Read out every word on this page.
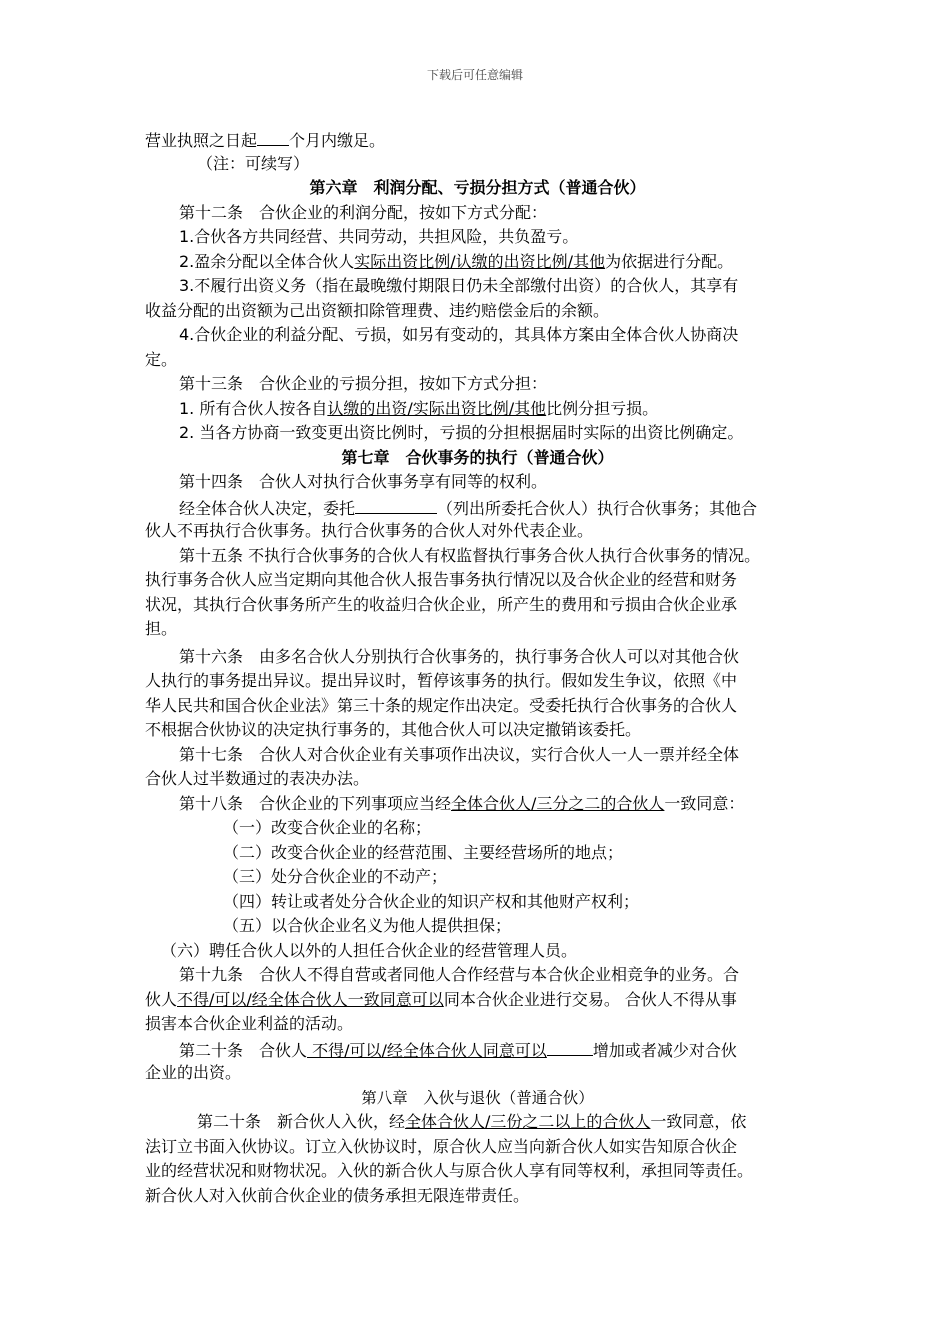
下载后可任意编辑
营业执照之日起 个月内缴足。
（注：可续写）
第六章　利润分配、亏损分担方式（普通合伙）
第十二条　合伙企业的利润分配，按如下方式分配：
1.合伙各方共同经营、共同劳动，共担风险，共负盈亏。
2.盈余分配以全体合伙人实际出资比例/认缴的出资比例/其他为依据进行分配。
3.不履行出资义务（指在最晚缴付期限日仍未全部缴付出资）的合伙人，其享有
收益分配的出资额为己出资额扣除管理费、违约赔偿金后的余额。
4.合伙企业的利益分配、亏损，如另有变动的，其具体方案由全体合伙人协商决
定。
第十三条　合伙企业的亏损分担，按如下方式分担：
1. 所有合伙人按各自认缴的出资/实际出资比例/其他比例分担亏损。
2. 当各方协商一致变更出资比例时，亏损的分担根据届时实际的出资比例确定。
第七章　合伙事务的执行（普通合伙）
第十四条　合伙人对执行合伙事务享有同等的权利。
经全体合伙人决定，委托	（列出所委托合伙人）执行合伙事务；其他合
伙人不再执行合伙事务。执行合伙事务的合伙人对外代表企业。
第十五条 不执行合伙事务的合伙人有权监督执行事务合伙人执行合伙事务的情况。
执行事务合伙人应当定期向其他合伙人报告事务执行情况以及合伙企业的经营和财务
状况，其执行合伙事务所产生的收益归合伙企业，所产生的费用和亏损由合伙企业承
担。
第十六条　由多名合伙人分别执行合伙事务的，执行事务合伙人可以对其他合伙
人执行的事务提出异议。提出异议时，暂停该事务的执行。假如发生争议，依照《中
华人民共和国合伙企业法》第三十条的规定作出决定。受委托执行合伙事务的合伙人
不根据合伙协议的决定执行事务的，其他合伙人可以决定撤销该委托。
第十七条　合伙人对合伙企业有关事项作出决议，实行合伙人一人一票并经全体
合伙人过半数通过的表决办法。
第十八条　合伙企业的下列事项应当经全体合伙人/三分之二的合伙人一致同意：
（一）改变合伙企业的名称；
（二）改变合伙企业的经营范围、主要经营场所的地点；
（三）处分合伙企业的不动产；
（四）转让或者处分合伙企业的知识产权和其他财产权利；
（五）以合伙企业名义为他人提供担保；
（六）聘任合伙人以外的人担任合伙企业的经营管理人员。
第十九条　合伙人不得自营或者同他人合作经营与本合伙企业相竞争的业务。合
伙人不得/可以/经全体合伙人一致同意可以同本合伙企业进行交易。 合伙人不得从事
损害本合伙企业利益的活动。
第二十条　合伙人 不得/可以/经全体合伙人同意可以	增加或者减少对合伙
企业的出资。
第八章　入伙与退伙（普通合伙）
第二十条　新合伙人入伙，经全体合伙人/三份之二以上的合伙人一致同意，依
法订立书面入伙协议。订立入伙协议时，原合伙人应当向新合伙人如实告知原合伙企
业的经营状况和财物状况。入伙的新合伙人与原合伙人享有同等权利，承担同等责任。
新合伙人对入伙前合伙企业的债务承担无限连带责任。
